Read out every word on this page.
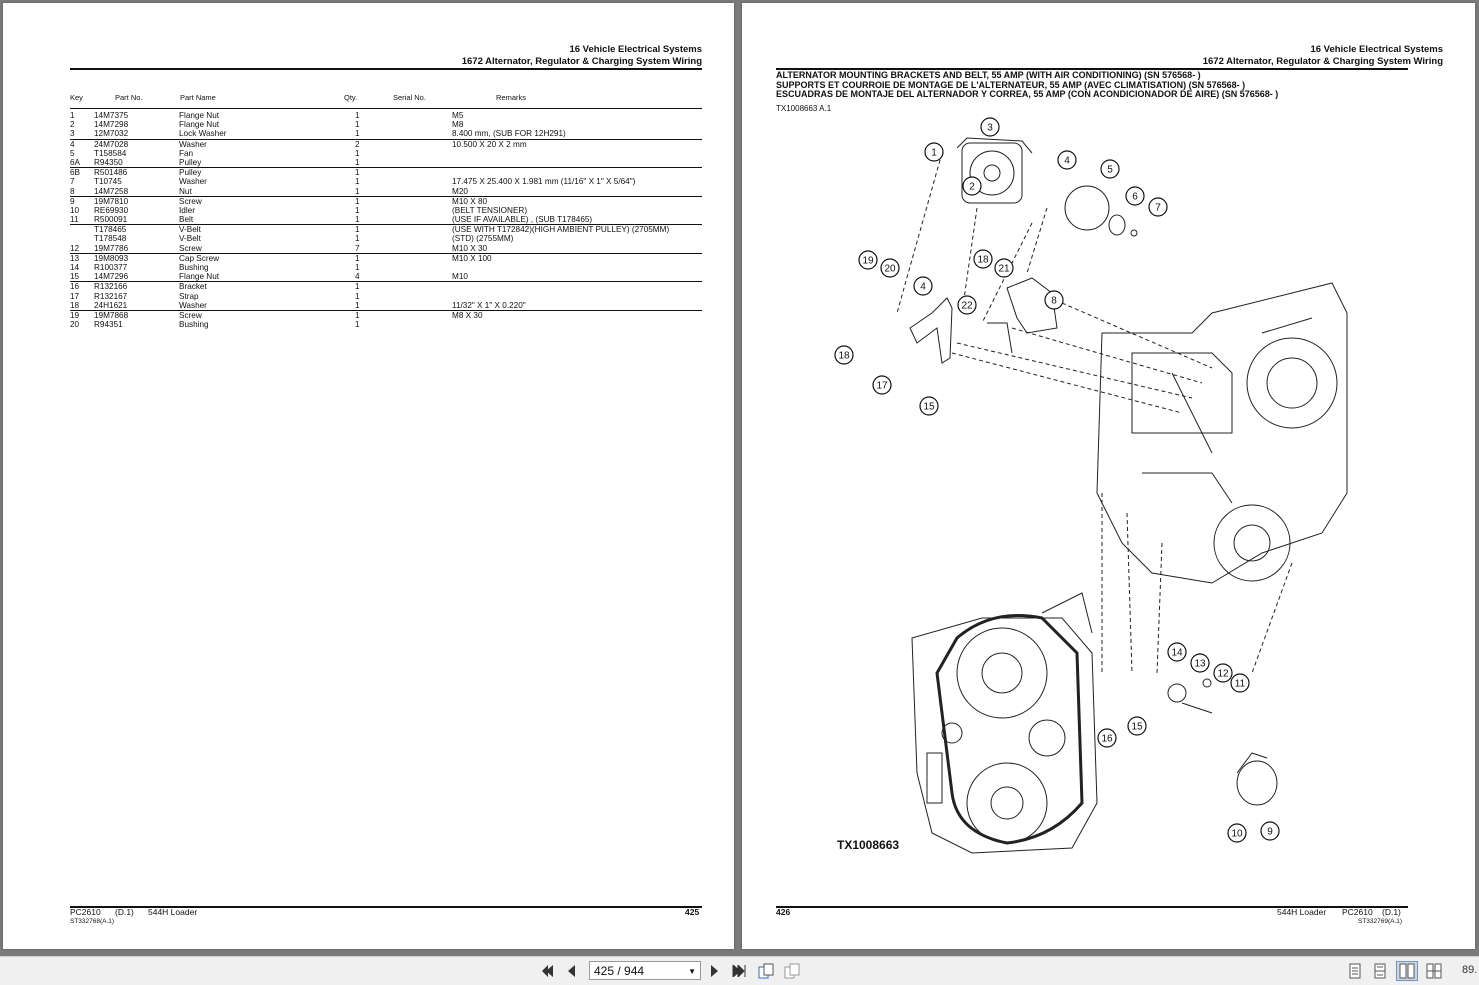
16 Vehicle Electrical Systems
1672 Alternator, Regulator & Charging System Wiring
Key	Part No.	Part Name	Qty.	Serial No.	Remarks
1 14M7375	Flange Nut	1	M5
2 14M7298	Flange Nut	1	M8
3 12M7032	Lock Washer	1	8.400 mm, (SUB FOR 12H291)
4 24M7028	Washer	2	10.500 X 20 X 2 mm
5 T158584	Fan	1
6A R94350	Pulley	1
6B R501486	Pulley	1
7 T10745	Washer	1	17.475 X 25.400 X 1.981 mm (11/16" X 1" X 5/64")
8 14M7258	Nut	1	M20
9 19M7810	Screw	1	M10 X 80
10 RE69930	Idler	1	(BELT TENSIONER)
11 R500091	Belt	1	(USE IF AVAILABLE) , (SUB T178465)
T178465	V-Belt	1	(USE WITH T172842)(HIGH AMBIENT PULLEY) (2705MM)
T178548	V-Belt	1	(STD) (2755MM)
12 19M7786	Screw	7	M10 X 30
13 19M8093	Cap Screw	1	M10 X 100
14 R100377	Bushing	1
15 14M7296	Flange Nut	4	M10
16 R132166	Bracket	1
17 R132167	Strap	1
18 24H1621	Washer	1	11/32" X 1" X 0.220"
19 19M7868	Screw	1	M8 X 30
20 R94351	Bushing	1
PC2610 (D.1) 544H Loader	425
ST332768(A.1)
16 Vehicle Electrical Systems
1672 Alternator, Regulator & Charging System Wiring
ALTERNATOR MOUNTING BRACKETS AND BELT, 55 AMP (WITH AIR CONDITIONING) (SN 576568- )
SUPPORTS ET COURROIE DE MONTAGE DE L'ALTERNATEUR, 55 AMP (AVEC CLIMATISATION) (SN 576568- )
ESCUADRAS DE MONTAJE DEL ALTERNADOR Y CORREA, 55 AMP (CON ACONDICIONADOR DE AIRE) (SN 576568- )
TX1008663 A.1
1
2
3
4
5
6
7
18
21
22	8
19
20
4
18
17
15
14
13
12
11
15
16
10 9
TX1008663
426	544H Loader PC2610 (D.1)
ST332769(A.1)
425 / 944	▼	89.
